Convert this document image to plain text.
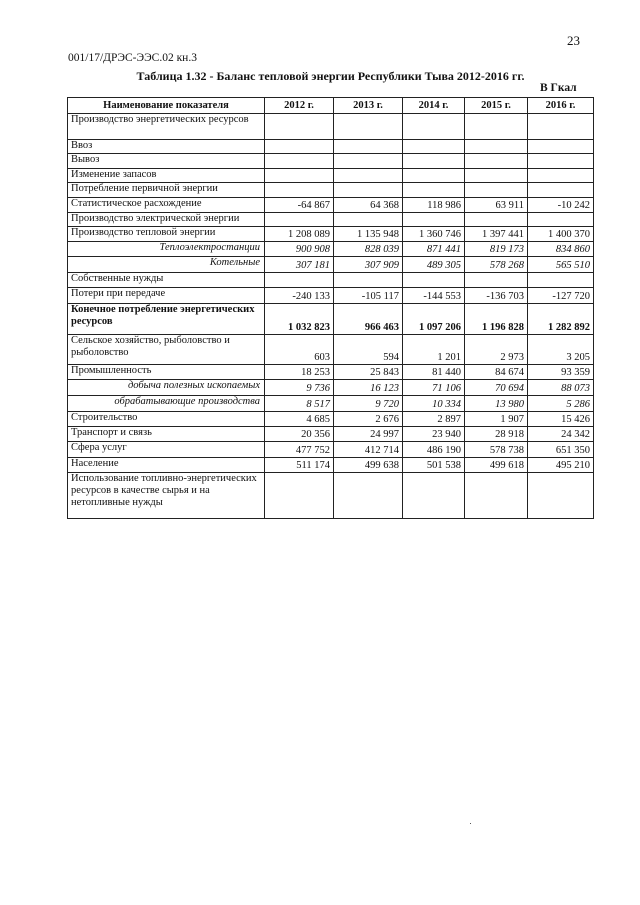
23
001/17/ДРЭС-ЭЭС.02 кн.3
Таблица 1.32 - Баланс тепловой энергии Республики Тыва 2012-2016 гг.
В Гкал
Наименование показателя	2012 г.	2013 г.	2014 г.	2015 г.	2016 г.
Производство энергетических ресурсов					
Ввоз					
Вывоз					
Изменение запасов					
Потребление первичной энергии					
Статистическое расхождение	-64 867	64 368	118 986	63 911	-10 242
Производство электрической энергии					
Производство тепловой энергии	1 208 089	1 135 948	1 360 746	1 397 441	1 400 370
Теплоэлектростанции	900 908	828 039	871 441	819 173	834 860
Котельные	307 181	307 909	489 305	578 268	565 510
Собственные нужды					
Потери при передаче	-240 133	-105 117	-144 553	-136 703	-127 720
Конечное потребление энергетических ресурсов	1 032 823	966 463	1 097 206	1 196 828	1 282 892
Сельское хозяйство, рыболовство и рыболовство	603	594	1 201	2 973	3 205
Промышленность	18 253	25 843	81 440	84 674	93 359
добыча полезных ископаемых	9 736	16 123	71 106	70 694	88 073
обрабатывающие производства	8 517	9 720	10 334	13 980	5 286
Строительство	4 685	2 676	2 897	1 907	15 426
Транспорт и связь	20 356	24 997	23 940	28 918	24 342
Сфера услуг	477 752	412 714	486 190	578 738	651 350
Население	511 174	499 638	501 538	499 618	495 210
Использование топливно-энергетических ресурсов в качестве сырья и на нетопливные нужды					
